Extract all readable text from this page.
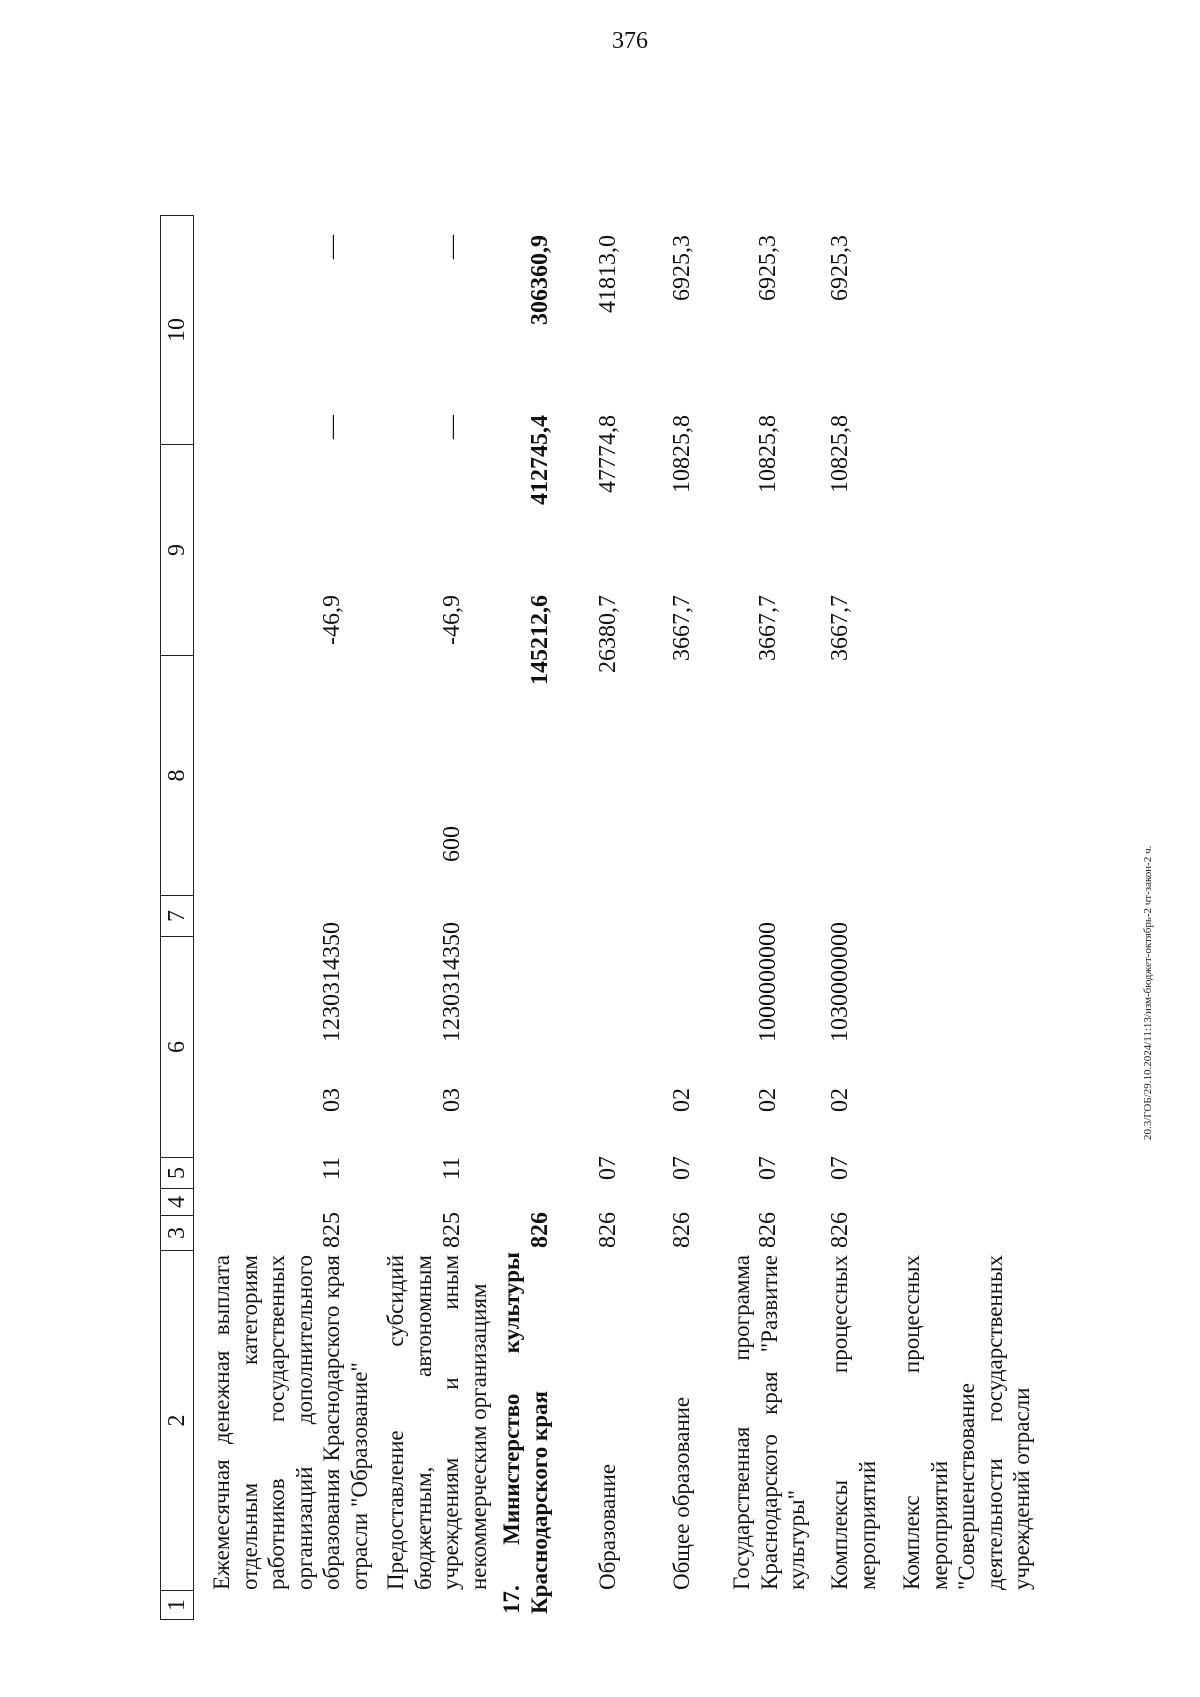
376
20.3/ГОБ/29.10.2024/11:13/изм-бюджет-октябрь-2 чт-закон-2 ч.
1
2
3
4
5
6
7
8
9
10
Ежемесячная денежная выплата отдельным категориям работников государственных организаций дополнительного образования Краснодарского края отрасли "Образование"
825
11
03
1230314350
-46,9
—
—
Предоставление субсидий бюджетным, автономным учреждениям и иным некоммерческим организациям
825
11
03
1230314350
600
-46,9
—
—
17. Министерство культуры Краснодарского края
826
145212,6
412745,4
306360,9
Образование
826
07
26380,7
47774,8
41813,0
Общее образование
826
07
02
3667,7
10825,8
6925,3
Государственная программа Краснодарского края "Развитие культуры"
826
07
02
1000000000
3667,7
10825,8
6925,3
Комплексы процессных мероприятий
826
07
02
1030000000
3667,7
10825,8
6925,3
Комплекс процессных мероприятий "Совершенствование деятельности государственных учреждений отрасли
